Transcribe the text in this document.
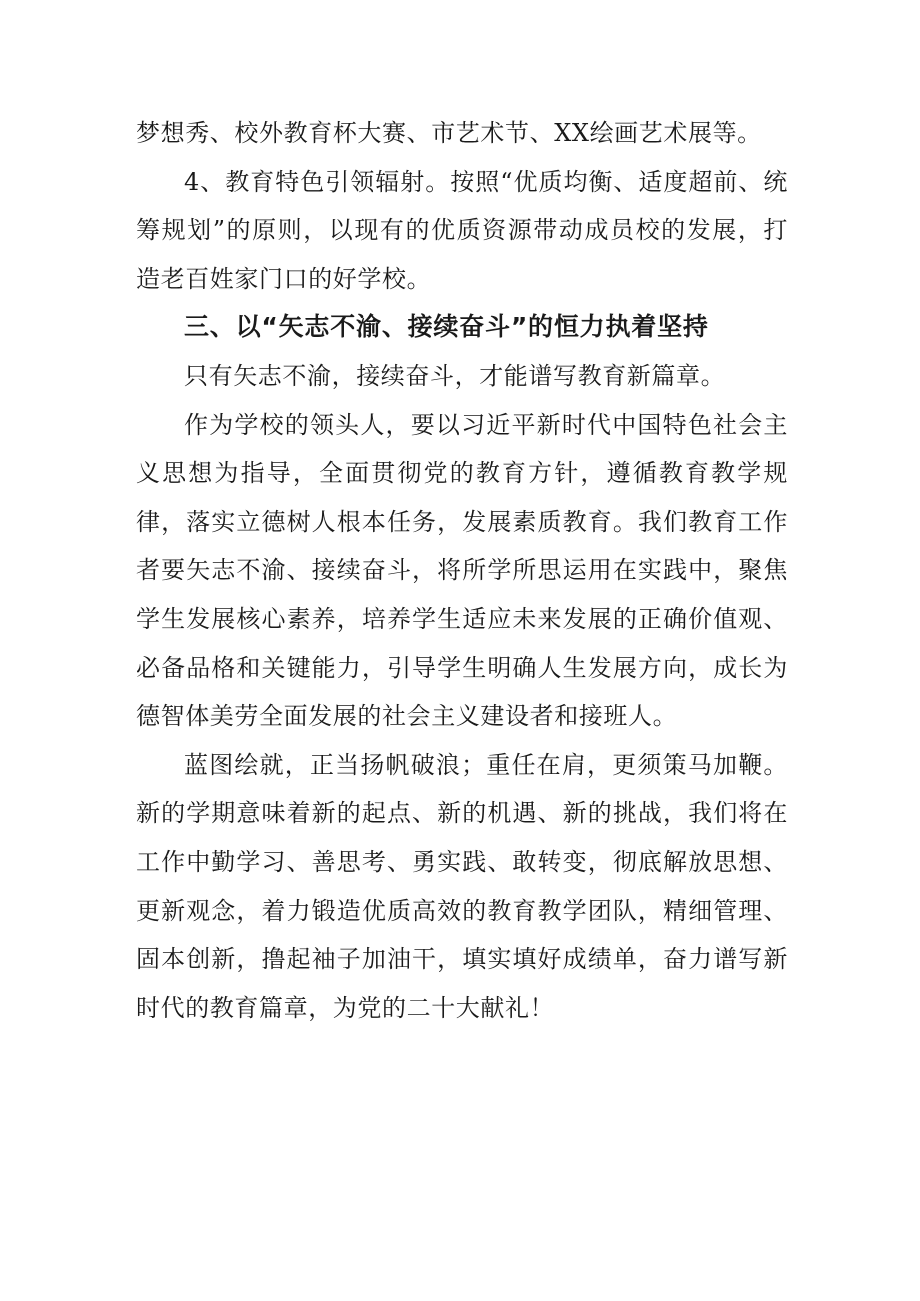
梦想秀、校外教育杯大赛、市艺术节、XX绘画艺术展等。

4、教育特色引领辐射。按照“优质均衡、适度超前、统筹规划”的原则，以现有的优质资源带动成员校的发展，打造老百姓家门口的好学校。

三、以“矢志不渝、接续奋斗”的恒力执着坚持

只有矢志不渝，接续奋斗，才能谱写教育新篇章。

作为学校的领头人，要以习近平新时代中国特色社会主义思想为指导，全面贯彻党的教育方针，遵循教育教学规律，落实立德树人根本任务，发展素质教育。我们教育工作者要矢志不渝、接续奋斗，将所学所思运用在实践中，聚焦学生发展核心素养，培养学生适应未来发展的正确价值观、必备品格和关键能力，引导学生明确人生发展方向，成长为德智体美劳全面发展的社会主义建设者和接班人。

蓝图绘就，正当扬帆破浪；重任在肩，更须策马加鞭。新的学期意味着新的起点、新的机遇、新的挑战，我们将在工作中勤学习、善思考、勇实践、敢转变，彻底解放思想、更新观念，着力锻造优质高效的教育教学团队，精细管理、固本创新，撸起袖子加油干，填实填好成绩单，奋力谱写新时代的教育篇章，为党的二十大献礼！
